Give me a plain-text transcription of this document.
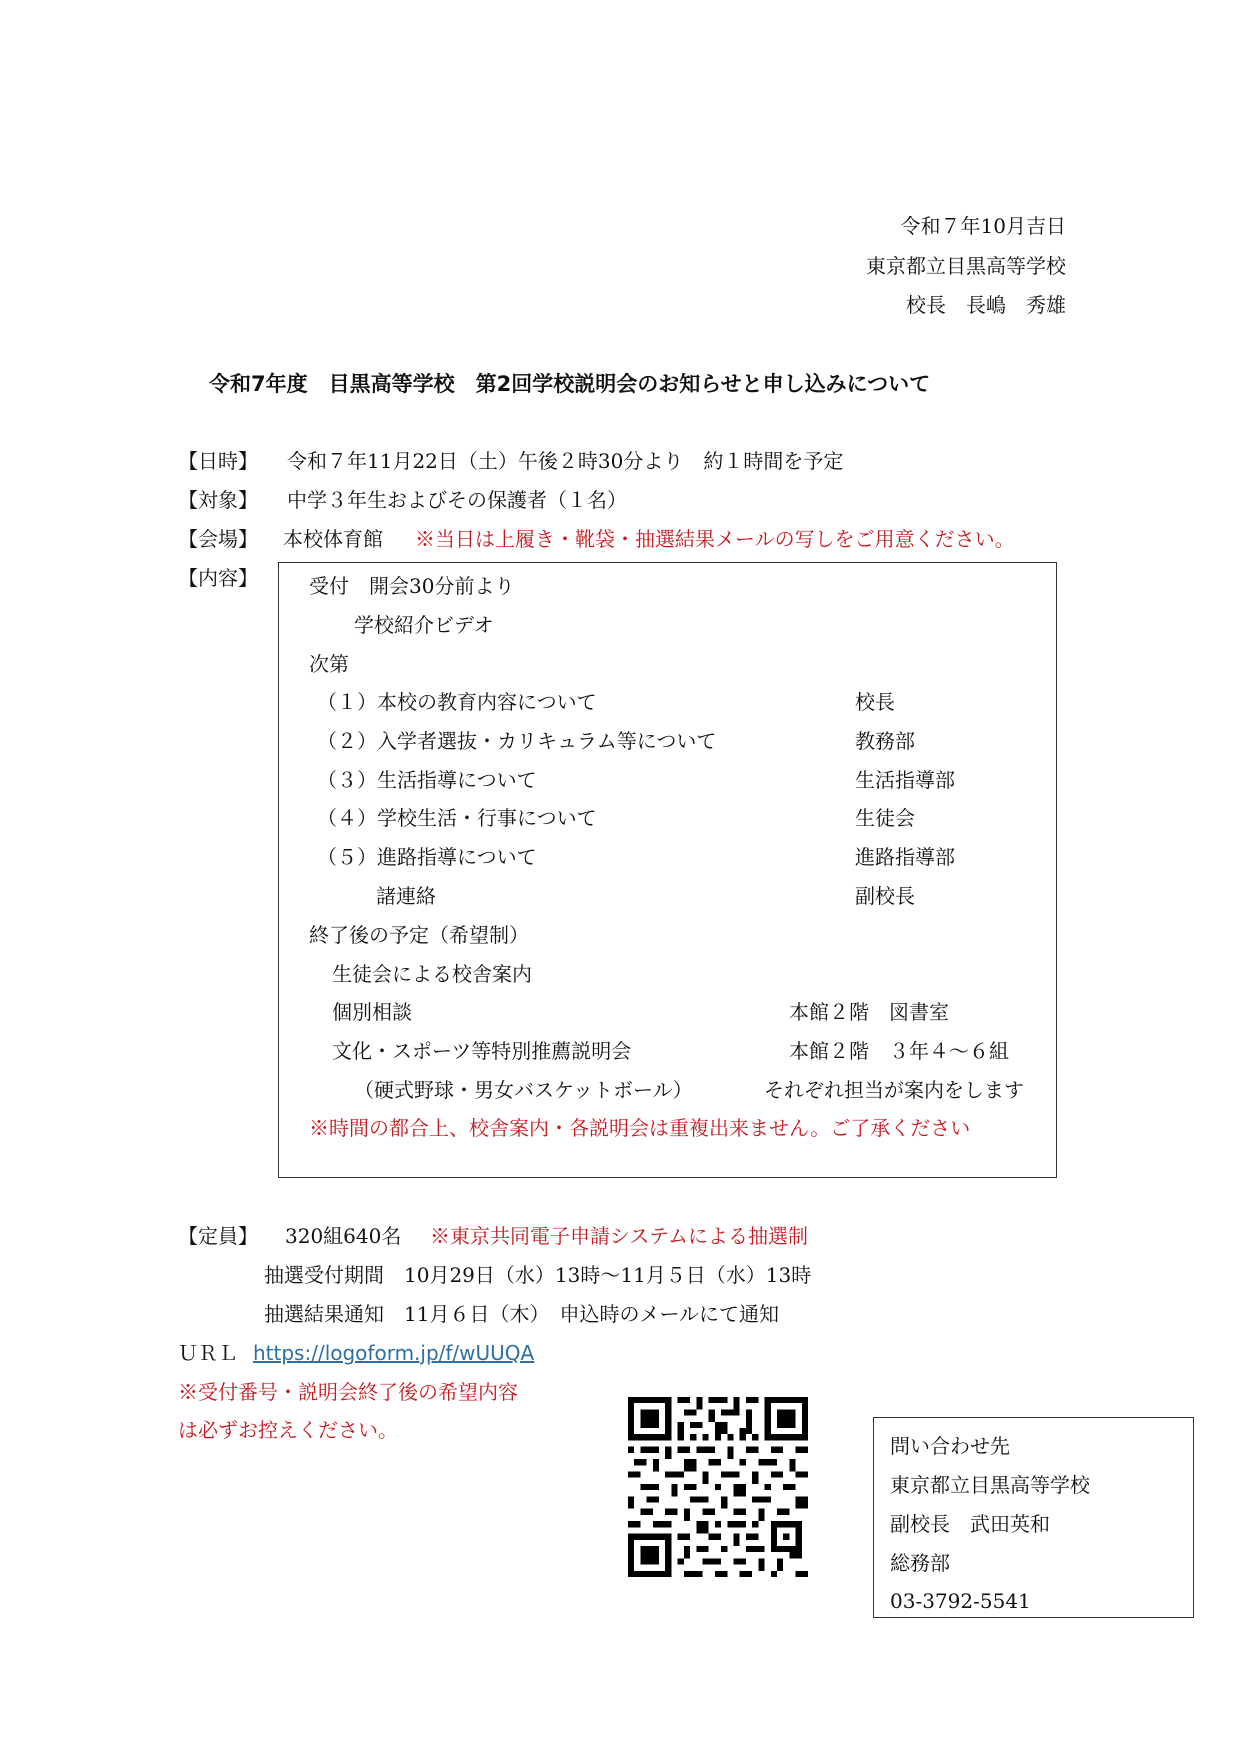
令和７年10月吉日
東京都立目黒高等学校
校長　長嶋　秀雄
令和7年度　目黒高等学校　第2回学校説明会のお知らせと申し込みについて
【日時】 令和７年11月22日（土）午後２時30分より　約１時間を予定
【対象】 中学３年生およびその保護者（１名）
【会場】 本校体育館 ※当日は上履き・靴袋・抽選結果メールの写しをご用意ください。
【内容】	受付　開会30分前より
学校紹介ビデオ
次第
（１）本校の教育内容について	校長
（２）入学者選抜・カリキュラム等について	教務部
（３）生活指導について	生活指導部
（４）学校生活・行事について	生徒会
（５）進路指導について	進路指導部
諸連絡	副校長
終了後の予定（希望制）
生徒会による校舎案内
個別相談	本館２階　図書室
文化・スポーツ等特別推薦説明会	本館２階　３年４～６組
（硬式野球・男女バスケットボール）	それぞれ担当が案内をします
※時間の都合上、校舎案内・各説明会は重複出来ません。ご了承ください
【定員】 320組640名 ※東京共同電子申請システムによる抽選制
抽選受付期間　10月29日（水）13時～11月５日（水）13時
抽選結果通知　11月６日（木）　申込時のメールにて通知
ＵＲＬ https://logoform.jp/f/wUUQA
※受付番号・説明会終了後の希望内容
は必ずお控えください。
問い合わせ先
東京都立目黒高等学校
副校長　武田英和
総務部
03-3792-5541
